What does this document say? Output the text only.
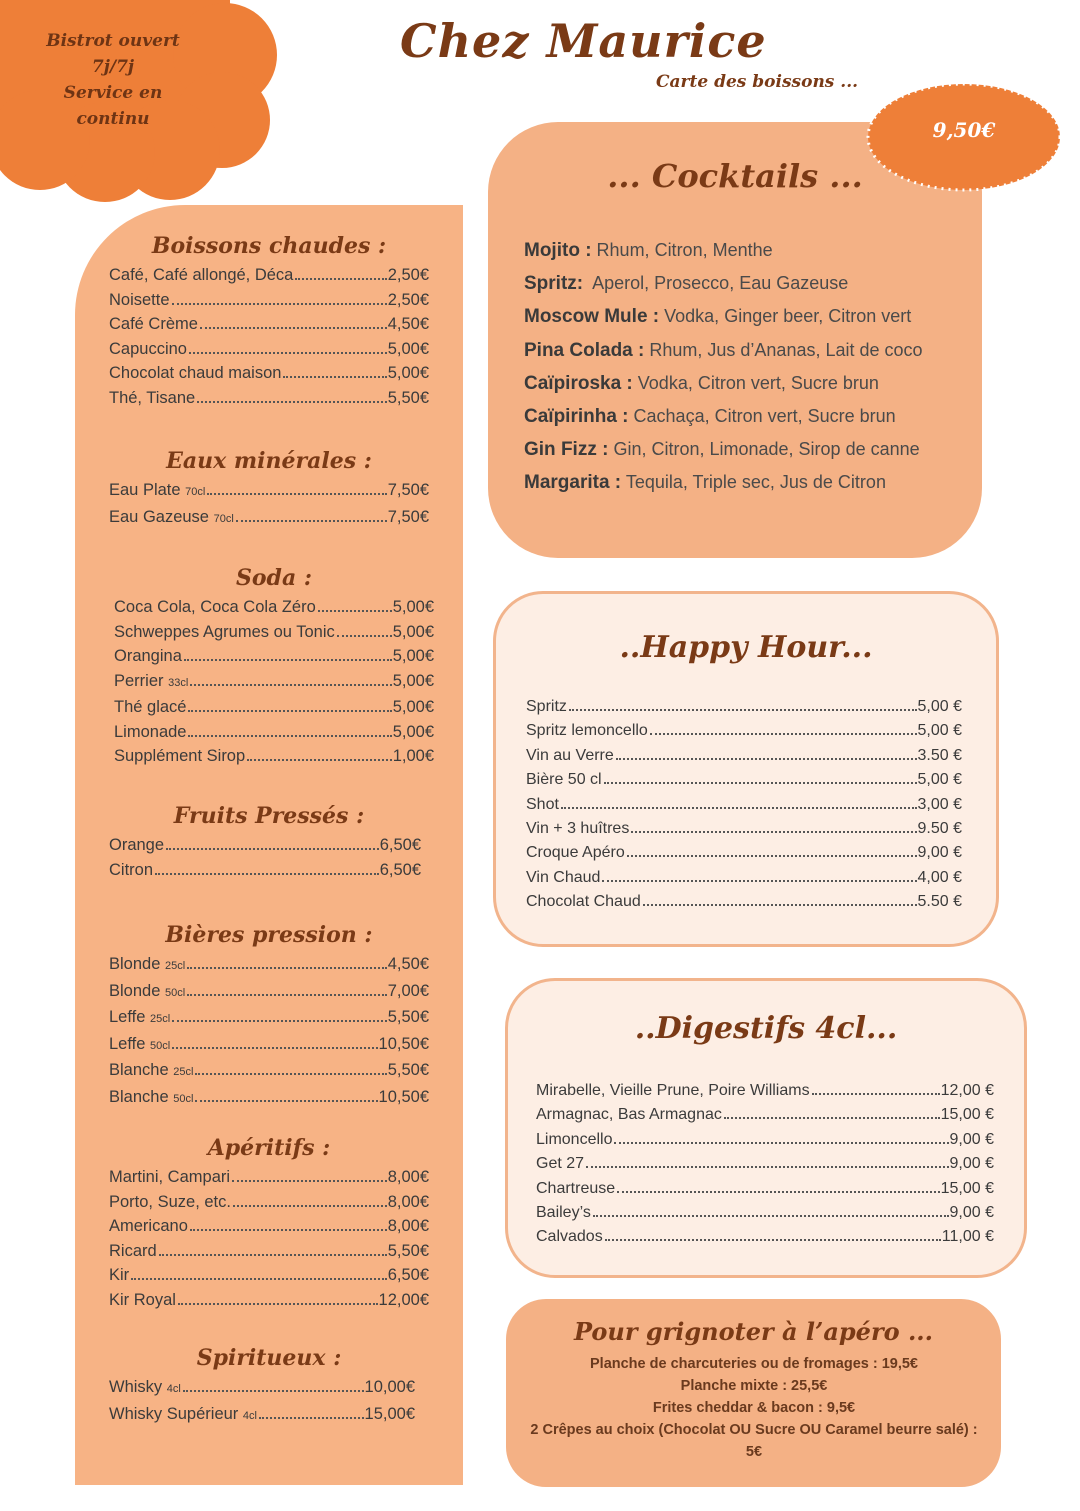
Bistrot ouvert
7j/7j
Service en
continu
Chez Maurice
Carte des boissons ...
Boissons chaudes :
Café, Café allongé, Déca	2,50€
Noisette	2,50€
Café Crème	4,50€
Capuccino	5,00€
Chocolat chaud maison	5,00€
Thé, Tisane	5,50€
Eaux minérales :
Eau Plate 70cl	7,50€
Eau Gazeuse 70cl	7,50€
Soda :
Coca Cola, Coca Cola Zéro	5,00€
Schweppes Agrumes ou Tonic	5,00€
Orangina	5,00€
Perrier 33cl	5,00€
Thé glacé	5,00€
Limonade	5,00€
Supplément Sirop	1,00€
Fruits Pressés :
Orange	6,50€
Citron	6,50€
Bières pression :
Blonde 25cl	4,50€
Blonde 50cl	7,00€
Leffe 25cl	5,50€
Leffe 50cl	10,50€
Blanche 25cl	5,50€
Blanche 50cl	10,50€
Apéritifs :
Martini, Campari	8,00€
Porto, Suze, etc.	8,00€
Americano	8,00€
Ricard	5,50€
Kir	6,50€
Kir Royal	12,00€
Spiritueux :
Whisky 4cl	10,00€
Whisky Supérieur 4cl	15,00€
... Cocktails ...
Mojito : Rhum, Citron, Menthe
Spritz: Aperol, Prosecco, Eau Gazeuse
Moscow Mule : Vodka, Ginger beer, Citron vert
Pina Colada : Rhum, Jus d’Ananas, Lait de coco
Caïpiroska : Vodka, Citron vert, Sucre brun
Caïpirinha : Cachaça, Citron vert, Sucre brun
Gin Fizz : Gin, Citron, Limonade, Sirop de canne
Margarita : Tequila, Triple sec, Jus de Citron
9,50€
..Happy Hour...
Spritz	5,00 €
Spritz lemoncello	5,00 €
Vin au Verre	3.50 €
Bière 50 cl	5,00 €
Shot	3,00 €
Vin + 3 huîtres	9.50 €
Croque Apéro	9,00 €
Vin Chaud	4,00 €
Chocolat Chaud	5.50 €
..Digestifs 4cl...
Mirabelle, Vieille Prune, Poire Williams	12,00 €
Armagnac, Bas Armagnac	15,00 €
Limoncello	9,00 €
Get 27	9,00 €
Chartreuse	15,00 €
Bailey’s	9,00 €
Calvados	11,00 €
Pour grignoter à l’apéro ...
Planche de charcuteries ou de fromages : 19,5€
Planche mixte : 25,5€
Frites cheddar & bacon : 9,5€
2 Crêpes au choix (Chocolat OU Sucre OU Caramel beurre salé) : 5€
